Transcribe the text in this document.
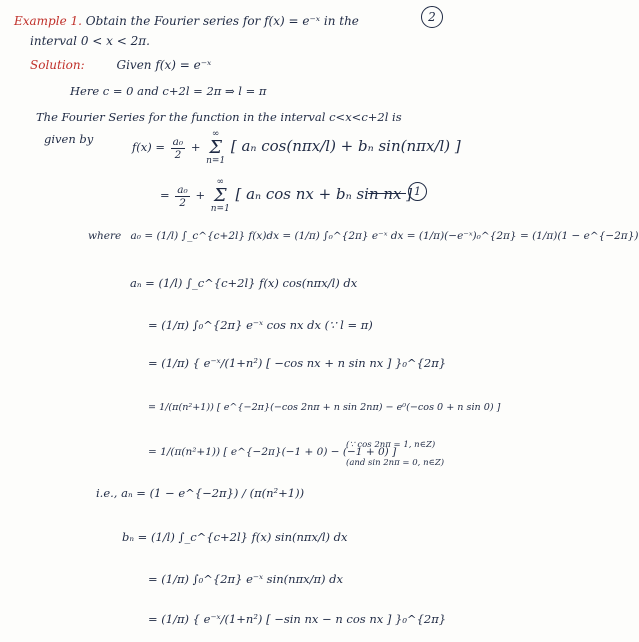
2
Example 1. Obtain the Fourier series for f(x) = e⁻ˣ in the
interval 0 < x < 2π.
Solution:	Given f(x) = e⁻ˣ
Here c = 0 and c+2l = 2π ⇒ l = π
The Fourier Series for the function in the interval c<x<c+2l is
given by
$f(x) = \frac{\text{a₀}}{2}$ +
∞
Σ
n=1
[ aₙ cos(nπx/l) + bₙ sin(nπx/l) ]
= $\frac{\text{a₀}}{2}$ +
∞
Σ
n=1
[ aₙ cos nx + bₙ sin nx ] 1
where a₀ = (1/l) ∫_c^{c+2l} f(x)dx = (1/π) ∫₀^{2π} e⁻ˣ dx = (1/π)(−e⁻ˣ)₀^{2π} = (1/π)(1 − e^{−2π})
aₙ = (1/l) ∫_c^{c+2l} f(x) cos(nπx/l) dx
= (1/π) ∫₀^{2π} e⁻ˣ cos nx dx (∵ l = π)
= (1/π) { e⁻ˣ/(1+n²) [ −cos nx + n sin nx ] }₀^{2π}
= 1/(π(n²+1)) [ e^{−2π}(−cos 2nπ + n sin 2nπ) − e⁰(−cos 0 + n sin 0) ]
= 1/(π(n²+1)) [ e^{−2π}(−1 + 0) − (−1 + 0) ]
(∵ cos 2nπ = 1, n∈Z)
(and sin 2nπ = 0, n∈Z)
i.e., aₙ = (1 − e^{−2π}) / (π(n²+1))
bₙ = (1/l) ∫_c^{c+2l} f(x) sin(nπx/l) dx
= (1/π) ∫₀^{2π} e⁻ˣ sin(nπx/π) dx
= (1/π) { e⁻ˣ/(1+n²) [ −sin nx − n cos nx ] }₀^{2π}
